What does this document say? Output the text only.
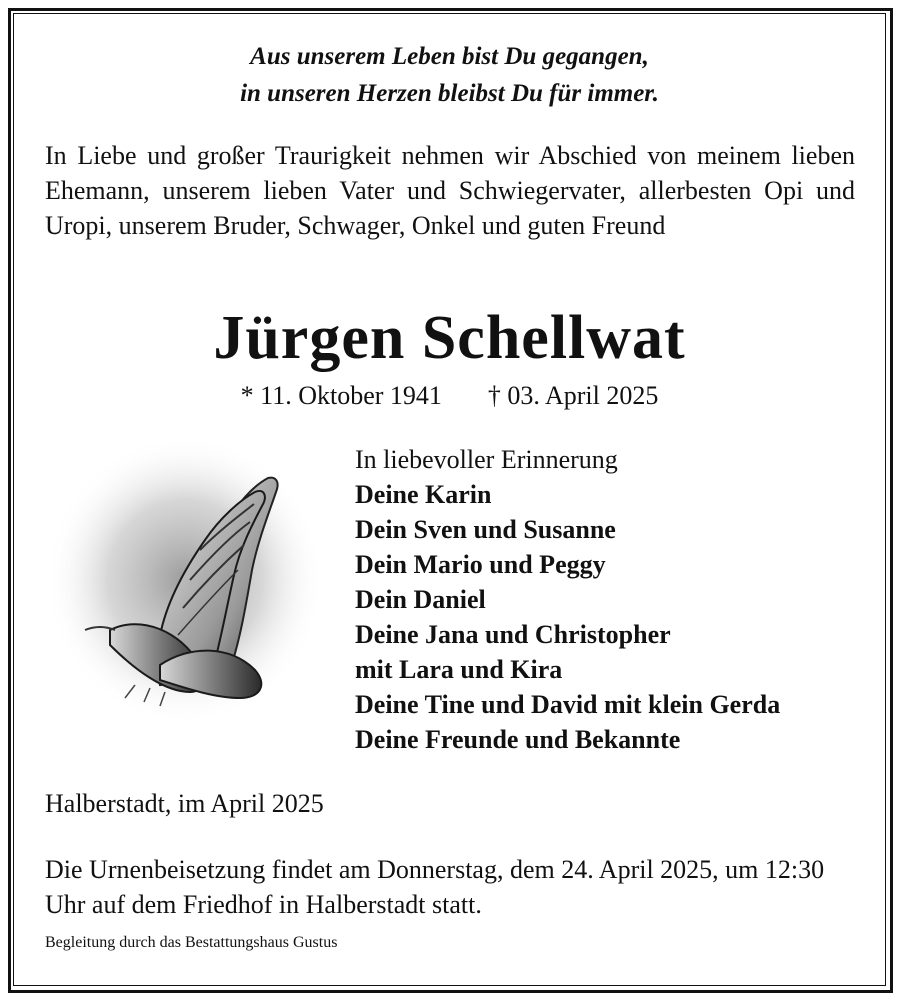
Aus unserem Leben bist Du gegangen,
in unseren Herzen bleibst Du für immer.
In Liebe und großer Traurigkeit nehmen wir Abschied von meinem lieben Ehemann, unserem lieben Vater und Schwiegervater, allerbesten Opi und Uropi, unserem Bruder, Schwager, Onkel und guten Freund
Jürgen Schellwat
* 11. Oktober 1941 † 03. April 2025
In liebevoller Erinnerung
Deine Karin
Dein Sven und Susanne
Dein Mario und Peggy
Dein Daniel
Deine Jana und Christopher
mit Lara und Kira
Deine Tine und David mit klein Gerda
Deine Freunde und Bekannte
Halberstadt, im April 2025
Die Urnenbeisetzung findet am Donnerstag, dem 24. April 2025, um 12:30 Uhr auf dem Friedhof in Halberstadt statt.
Begleitung durch das Bestattungshaus Gustus
